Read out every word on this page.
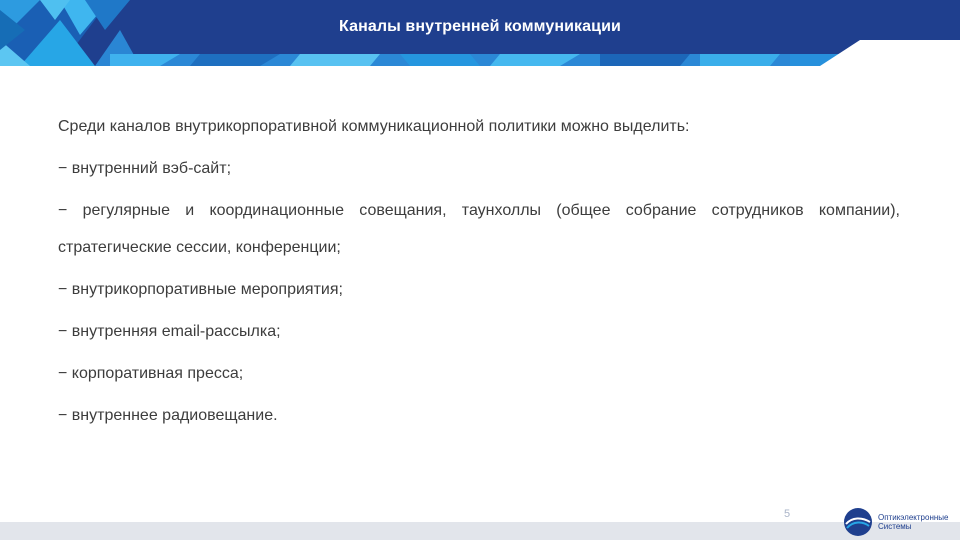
Каналы внутренней коммуникации

Среди каналов внутрикорпоративной коммуникационной политики можно выделить:

− внутренний вэб-сайт;

− регулярные и координационные совещания, таунхоллы (общее собрание сотрудников компании), стратегические сессии, конференции;

− внутрикорпоративные мероприятия;

− внутренняя email-рассылка;

− корпоративная пресса;

− внутреннее радиовещание.

5	Оптикэлектронные
Системы
